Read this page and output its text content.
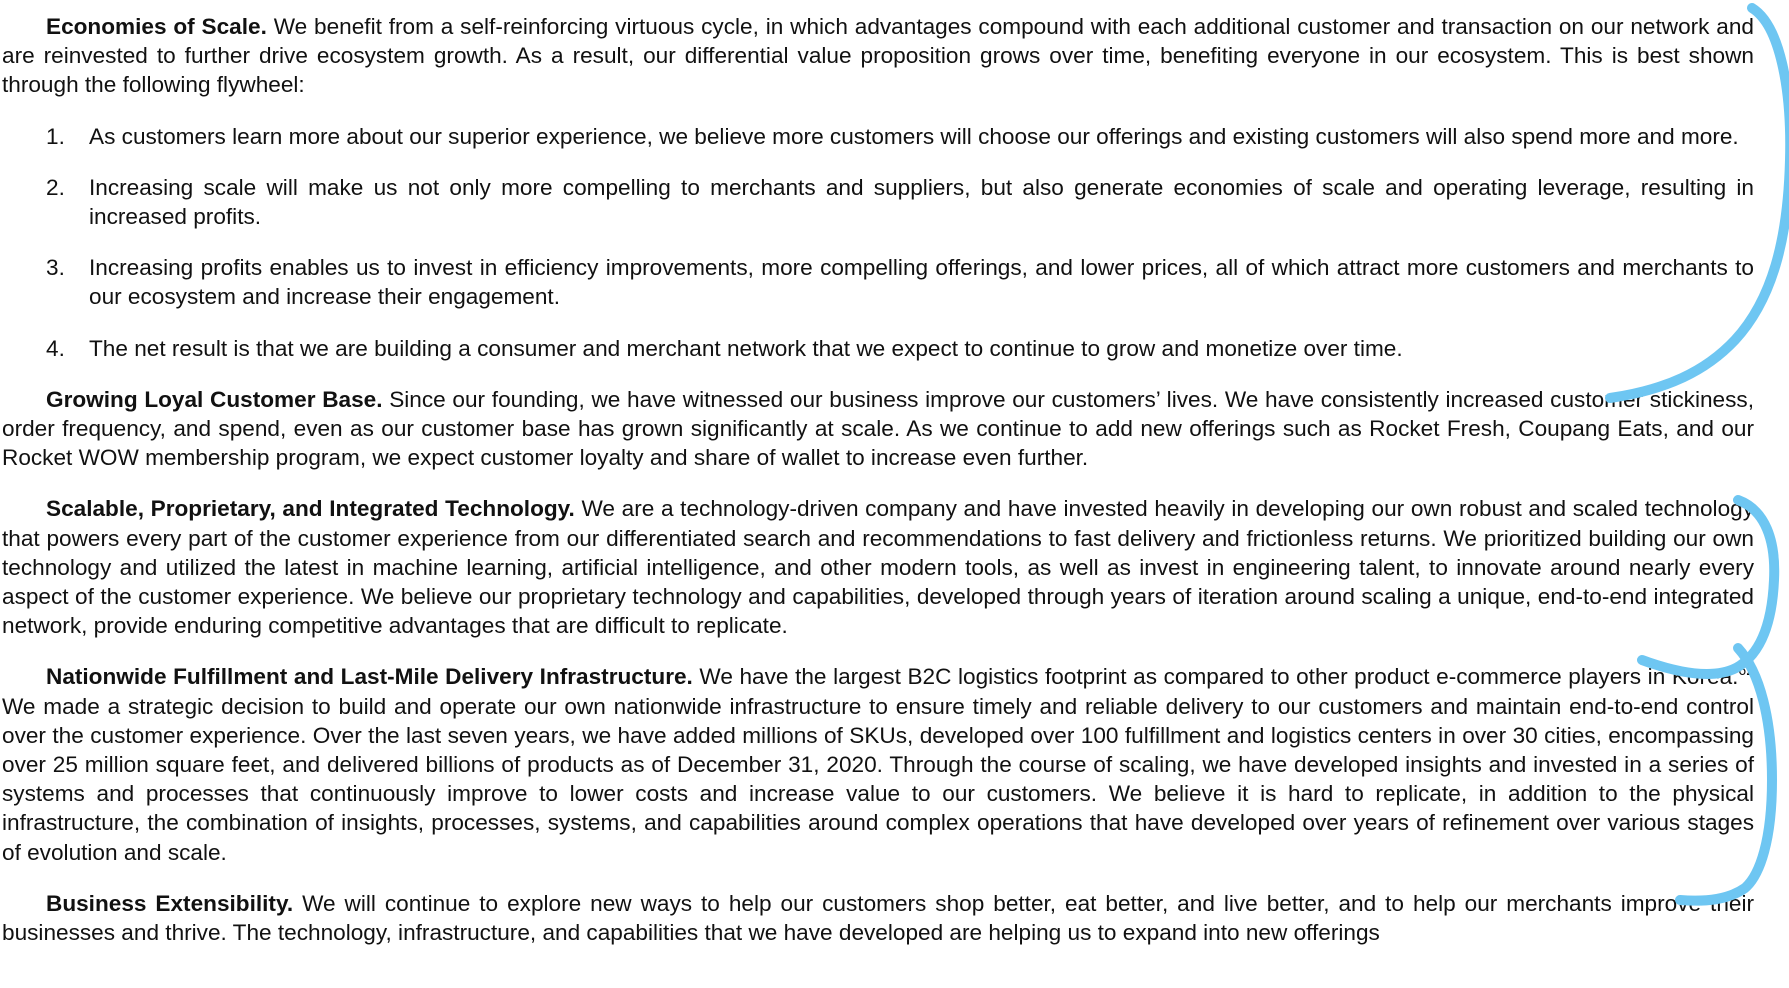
Economies of Scale. We benefit from a self-reinforcing virtuous cycle, in which advantages compound with each additional customer and transaction on our network and are reinvested to further drive ecosystem growth. As a result, our differential value proposition grows over time, benefiting everyone in our ecosystem. This is best shown through the following flywheel:

1. As customers learn more about our superior experience, we believe more customers will choose our offerings and existing customers will also spend more and more.
2. Increasing scale will make us not only more compelling to merchants and suppliers, but also generate economies of scale and operating leverage, resulting in increased profits.
3. Increasing profits enables us to invest in efficiency improvements, more compelling offerings, and lower prices, all of which attract more customers and merchants to our ecosystem and increase their engagement.
4. The net result is that we are building a consumer and merchant network that we expect to continue to grow and monetize over time.

Growing Loyal Customer Base. Since our founding, we have witnessed our business improve our customers’ lives. We have consistently increased customer stickiness, order frequency, and spend, even as our customer base has grown significantly at scale. As we continue to add new offerings such as Rocket Fresh, Coupang Eats, and our Rocket WOW membership program, we expect customer loyalty and share of wallet to increase even further.

Scalable, Proprietary, and Integrated Technology. We are a technology-driven company and have invested heavily in developing our own robust and scaled technology that powers every part of the customer experience from our differentiated search and recommendations to fast delivery and frictionless returns. We prioritized building our own technology and utilized the latest in machine learning, artificial intelligence, and other modern tools, as well as invest in engineering talent, to innovate around nearly every aspect of the customer experience. We believe our proprietary technology and capabilities, developed through years of iteration around scaling a unique, end-to-end integrated network, provide enduring competitive advantages that are difficult to replicate.

Nationwide Fulfillment and Last-Mile Delivery Infrastructure. We have the largest B2C logistics footprint as compared to other product e-commerce players in Korea.$^{62}$ We made a strategic decision to build and operate our own nationwide infrastructure to ensure timely and reliable delivery to our customers and maintain end-to-end control over the customer experience. Over the last seven years, we have added millions of SKUs, developed over 100 fulfillment and logistics centers in over 30 cities, encompassing over 25 million square feet, and delivered billions of products as of December 31, 2020. Through the course of scaling, we have developed insights and invested in a series of systems and processes that continuously improve to lower costs and increase value to our customers. We believe it is hard to replicate, in addition to the physical infrastructure, the combination of insights, processes, systems, and capabilities around complex operations that have developed over years of refinement over various stages of evolution and scale.

Business Extensibility. We will continue to explore new ways to help our customers shop better, eat better, and live better, and to help our merchants improve their businesses and thrive. The technology, infrastructure, and capabilities that we have developed are helping us to expand into new offerings
